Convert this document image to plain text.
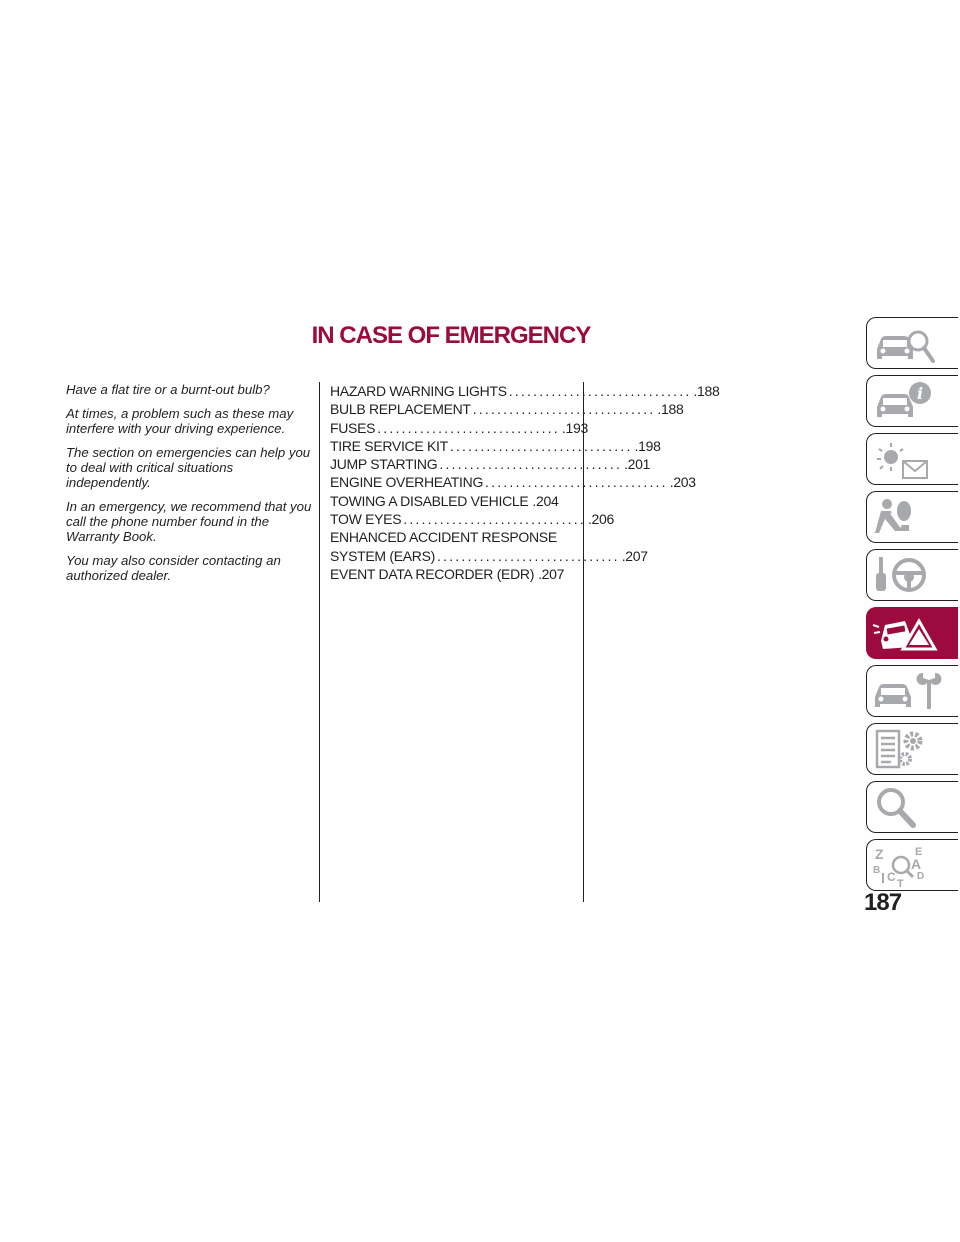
IN CASE OF EMERGENCY

Have a flat tire or a burnt-out bulb?

At times, a problem such as these may interfere with your driving experience.

The section on emergencies can help you to deal with critical situations independently.

In an emergency, we recommend that you call the phone number found in the Warranty Book.

You may also consider contacting an authorized dealer.

HAZARD WARNING LIGHTS .............................. .188
BULB REPLACEMENT .............................. .188
FUSES .............................. .193
TIRE SERVICE KIT .............................. .198
JUMP STARTING .............................. .201
ENGINE OVERHEATING .............................. .203
TOWING A DISABLED VEHICLE .204
TOW EYES .............................. .206
ENHANCED ACCIDENT RESPONSE
SYSTEM (EARS) .............................. .207
EVENT DATA RECORDER (EDR) .207
i
Z	E
A
B
D
C T
187
